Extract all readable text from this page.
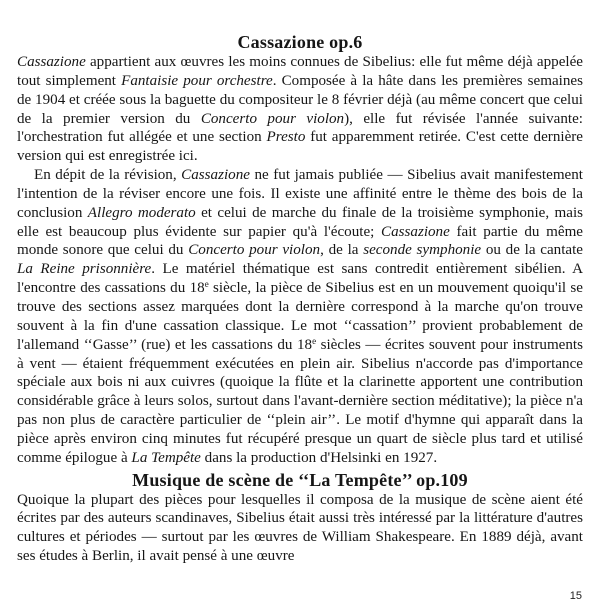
Cassazione op.6

Cassazione appartient aux œuvres les moins connues de Sibelius: elle fut même déjà appelée tout simplement Fantaisie pour orchestre. Composée à la hâte dans les premières semaines de 1904 et créée sous la baguette du compositeur le 8 février déjà (au même concert que celui de la premier version du Concerto pour violon), elle fut révisée l'année suivante: l'orchestration fut allégée et une section Presto fut apparemment retirée. C'est cette dernière version qui est enregistrée ici.

En dépit de la révision, Cassazione ne fut jamais publiée — Sibelius avait manifestement l'intention de la réviser encore une fois. Il existe une affinité entre le thème des bois de la conclusion Allegro moderato et celui de marche du finale de la troisième symphonie, mais elle est beaucoup plus évidente sur papier qu'à l'écoute; Cassazione fait partie du même monde sonore que celui du Concerto pour violon, de la seconde symphonie ou de la cantate La Reine prisonnière. Le matériel thématique est sans contredit entièrement sibélien. A l'encontre des cassations du 18e siècle, la pièce de Sibelius est en un mouvement quoiqu'il se trouve des sections assez marquées dont la dernière correspond à la marche qu'on trouve souvent à la fin d'une cassation classique. Le mot ‘‘cassation’’ provient probablement de l'allemand ‘‘Gasse’’ (rue) et les cassations du 18e siècles — écrites souvent pour instruments à vent — étaient fréquemment exécutées en plein air. Sibelius n'accorde pas d'importance spéciale aux bois ni aux cuivres (quoique la flûte et la clarinette apportent une contribution considérable grâce à leurs solos, surtout dans l'avant-dernière section méditative); la pièce n'a pas non plus de caractère particulier de ‘‘plein air’’. Le motif d'hymne qui apparaît dans la pièce après environ cinq minutes fut récupéré presque un quart de siècle plus tard et utilisé comme épilogue à La Tempête dans la production d'Helsinki en 1927.

Musique de scène de ‘‘La Tempête’’ op.109

Quoique la plupart des pièces pour lesquelles il composa de la musique de scène aient été écrites par des auteurs scandinaves, Sibelius était aussi très intéressé par la littérature d'autres cultures et périodes — surtout par les œuvres de William Shakespeare. En 1889 déjà, avant ses études à Berlin, il avait pensé à une œuvre

15
